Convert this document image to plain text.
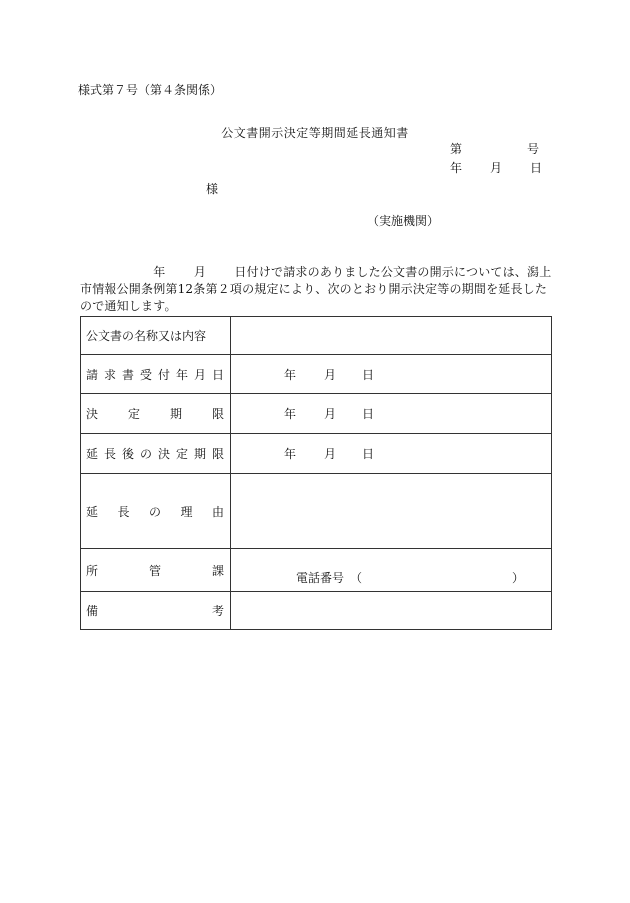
様式第７号（第４条関係）
公文書開示決定等期間延長通知書
第	号
年 月 日
様
（実施機関）
　　　　　　年　　 月　　 日付けで請求のありました公文書の開示については、潟上市情報公開条例第12条第２項の規定により、次のとおり開示決定等の期間を延長したので通知します。
公文書の名称又は内容	

請求書受付年月日	年 月 日

決定期限	年 月 日

延長後の決定期限	年 月 日

延長の理由	

所管課	電話番号 （ ）

備考	
